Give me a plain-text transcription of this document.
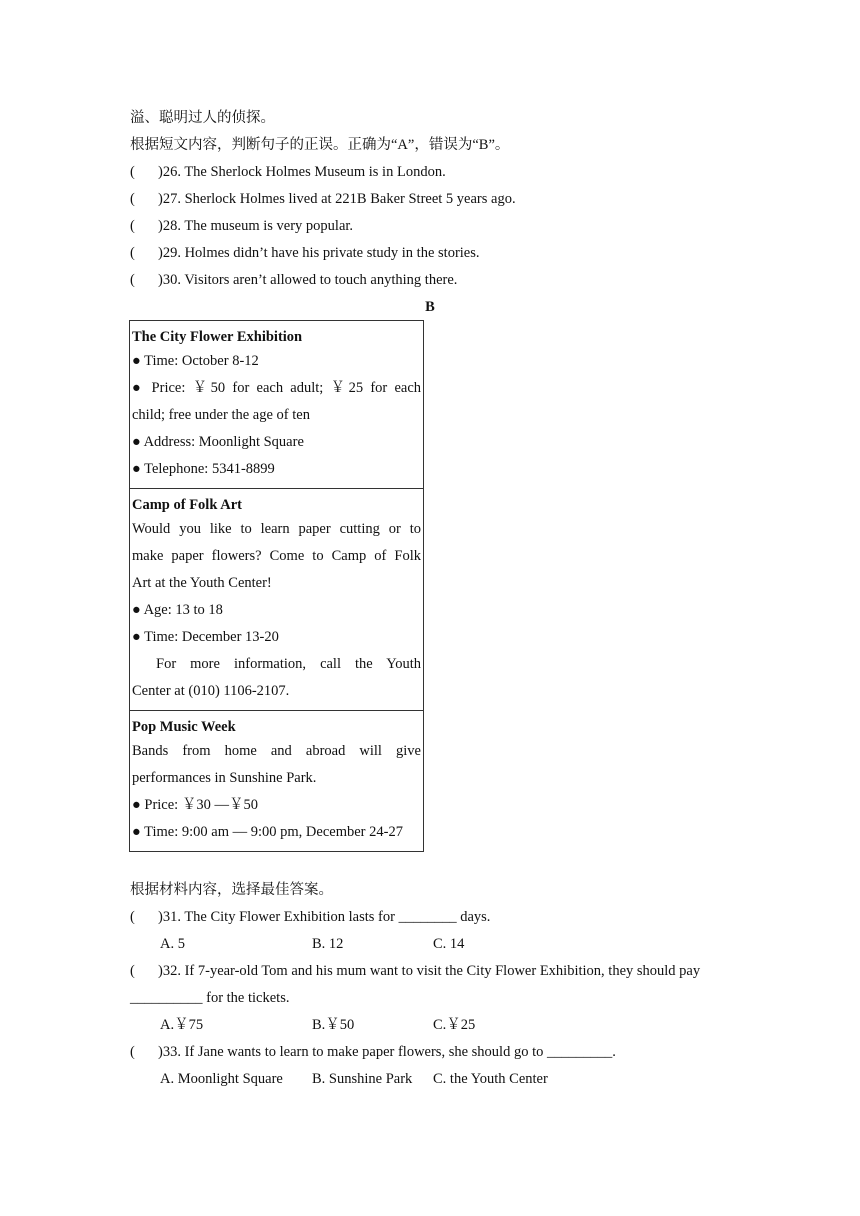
溢、聪明过人的侦探。
根据短文内容，判断句子的正误。正确为“A”，错误为“B”。
( )26. The Sherlock Holmes Museum is in London.
( )27. Sherlock Holmes lived at 221B Baker Street 5 years ago.
( )28. The museum is very popular.
( )29. Holmes didn’t have his private study in the stories.
( )30. Visitors aren’t allowed to touch anything there.
B
The City Flower Exhibition
● Time: October 8-12
● Price: ￥50 for each adult; ￥25 for each
child; free under the age of ten
● Address: Moonlight Square
● Telephone: 5341-8899
Camp of Folk Art
Would you like to learn paper cutting or to
make paper flowers? Come to Camp of Folk
Art at the Youth Center!
● Age: 13 to 18
● Time: December 13-20
For more information, call the Youth
Center at (010) 1106-2107.
Pop Music Week
Bands from home and abroad will give
performances in Sunshine Park.
● Price: ￥30 —￥50
● Time: 9:00 am — 9:00 pm, December 24-27
根据材料内容，选择最佳答案。
( )31. The City Flower Exhibition lasts for ________ days.
A. 5	B. 12	C. 14
( )32. If 7-year-old Tom and his mum want to visit the City Flower Exhibition, they should pay
__________ for the tickets.
A.￥75	B.￥50	C.￥25
( )33. If Jane wants to learn to make paper flowers, she should go to _________.
A. Moonlight Square B. Sunshine Park C. the Youth Center
